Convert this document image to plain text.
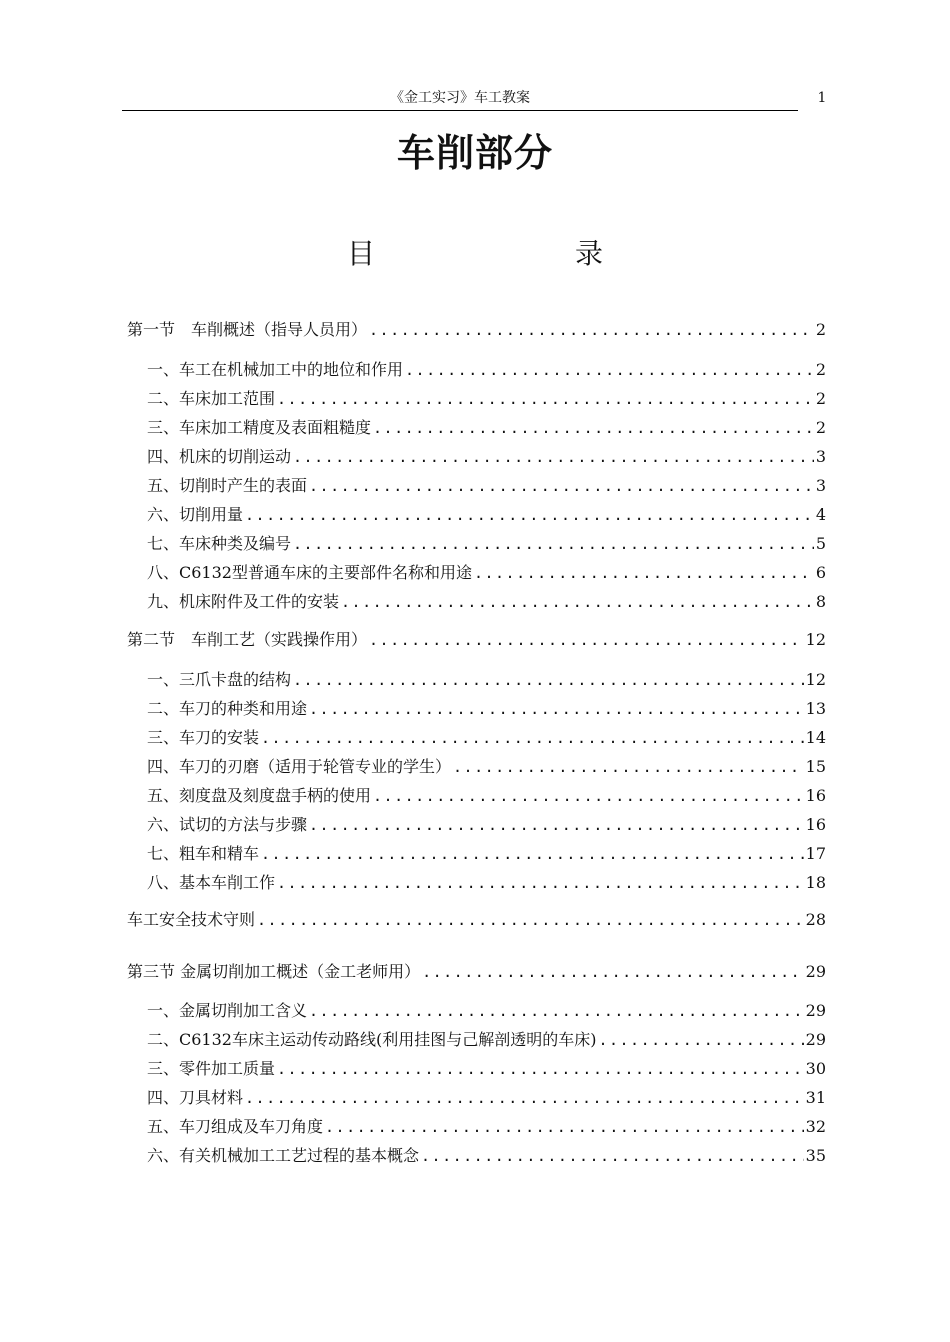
《金工实习》车工教案	1
车削部分
目　录
第一节　车削概述（指导人员用） .....	2
一、车工在机械加工中的地位和作用 .....	2
二、车床加工范围 .....	2
三、车床加工精度及表面粗糙度 .....	2
四、机床的切削运动 .....	3
五、切削时产生的表面 .....	3
六、切削用量 .....	4
七、车床种类及编号 .....	5
八、C6132型普通车床的主要部件名称和用途 .....	6
九、机床附件及工件的安装 .....	8
第二节　车削工艺（实践操作用） .....	12
一、三爪卡盘的结构 .....	12
二、车刀的种类和用途 .....	13
三、车刀的安装 .....	14
四、车刀的刃磨（适用于轮管专业的学生） .....	15
五、刻度盘及刻度盘手柄的使用 .....	16
六、试切的方法与步骤 .....	16
七、粗车和精车 .....	17
八、基本车削工作 .....	18
车工安全技术守则 .....	28
第三节 金属切削加工概述（金工老师用） .....	29
一、金属切削加工含义 .....	29
二、C6132车床主运动传动路线(利用挂图与己解剖透明的车床) .....	29
三、零件加工质量 .....	30
四、刀具材料 .....	31
五、车刀组成及车刀角度 .....	32
六、有关机械加工工艺过程的基本概念 .....	35
